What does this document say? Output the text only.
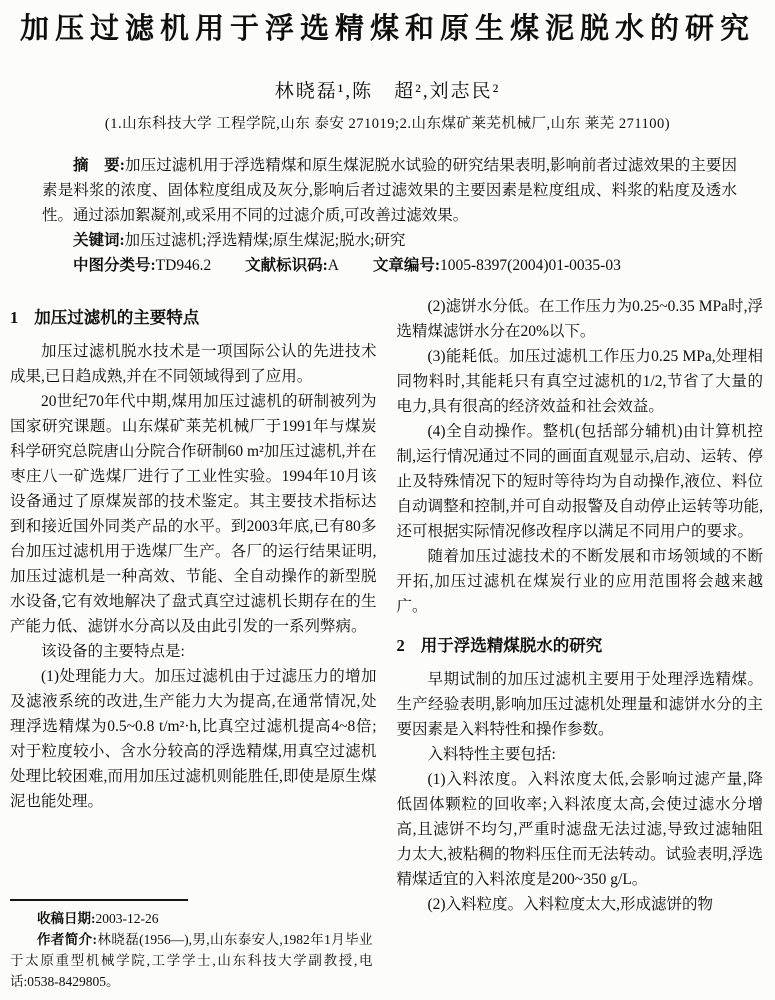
加压过滤机用于浮选精煤和原生煤泥脱水的研究
林晓磊¹,陈　超²,刘志民²
(1.山东科技大学 工程学院,山东 泰安 271019;2.山东煤矿莱芜机械厂,山东 莱芜 271100)

摘　要:加压过滤机用于浮选精煤和原生煤泥脱水试验的研究结果表明,影响前者过滤效果的主要因素是料浆的浓度、固体粒度组成及灰分,影响后者过滤效果的主要因素是粒度组成、料浆的粘度及透水性。通过添加絮凝剂,或采用不同的过滤介质,可改善过滤效果。

关键词:加压过滤机;浮选精煤;原生煤泥;脱水;研究

中图分类号:TD946.2 文献标识码:A 文章编号:1005-8397(2004)01-0035-03

1 加压过滤机的主要特点

加压过滤机脱水技术是一项国际公认的先进技术成果,已日趋成熟,并在不同领域得到了应用。

20世纪70年代中期,煤用加压过滤机的研制被列为国家研究课题。山东煤矿莱芜机械厂于1991年与煤炭科学研究总院唐山分院合作研制60 m²加压过滤机,并在枣庄八一矿选煤厂进行了工业性实验。1994年10月该设备通过了原煤炭部的技术鉴定。其主要技术指标达到和接近国外同类产品的水平。到2003年底,已有80多台加压过滤机用于选煤厂生产。各厂的运行结果证明,加压过滤机是一种高效、节能、全自动操作的新型脱水设备,它有效地解决了盘式真空过滤机长期存在的生产能力低、滤饼水分高以及由此引发的一系列弊病。

该设备的主要特点是:

(1)处理能力大。加压过滤机由于过滤压力的增加及滤液系统的改进,生产能力大为提高,在通常情况,处理浮选精煤为0.5~0.8 t/m²·h,比真空过滤机提高4~8倍;对于粒度较小、含水分较高的浮选精煤,用真空过滤机处理比较困难,而用加压过滤机则能胜任,即使是原生煤泥也能处理。

收稿日期:2003-12-26

作者简介:林晓磊(1956—),男,山东泰安人,1982年1月毕业于太原重型机械学院,工学学士,山东科技大学副教授,电话:0538-8429805。

(2)滤饼水分低。在工作压力为0.25~0.35 MPa时,浮选精煤滤饼水分在20%以下。

(3)能耗低。加压过滤机工作压力0.25 MPa,处理相同物料时,其能耗只有真空过滤机的1/2,节省了大量的电力,具有很高的经济效益和社会效益。

(4)全自动操作。整机(包括部分辅机)由计算机控制,运行情况通过不同的画面直观显示,启动、运转、停止及特殊情况下的短时等待均为自动操作,液位、料位自动调整和控制,并可自动报警及自动停止运转等功能,还可根据实际情况修改程序以满足不同用户的要求。

随着加压过滤技术的不断发展和市场领域的不断开拓,加压过滤机在煤炭行业的应用范围将会越来越广。

2 用于浮选精煤脱水的研究

早期试制的加压过滤机主要用于处理浮选精煤。生产经验表明,影响加压过滤机处理量和滤饼水分的主要因素是入料特性和操作参数。

入料特性主要包括:

(1)入料浓度。入料浓度太低,会影响过滤产量,降低固体颗粒的回收率;入料浓度太高,会使过滤水分增高,且滤饼不均匀,严重时滤盘无法过滤,导致过滤轴阻力太大,被粘稠的物料压住而无法转动。试验表明,浮选精煤适宜的入料浓度是200~350 g/L。

(2)入料粒度。入料粒度太大,形成滤饼的物
